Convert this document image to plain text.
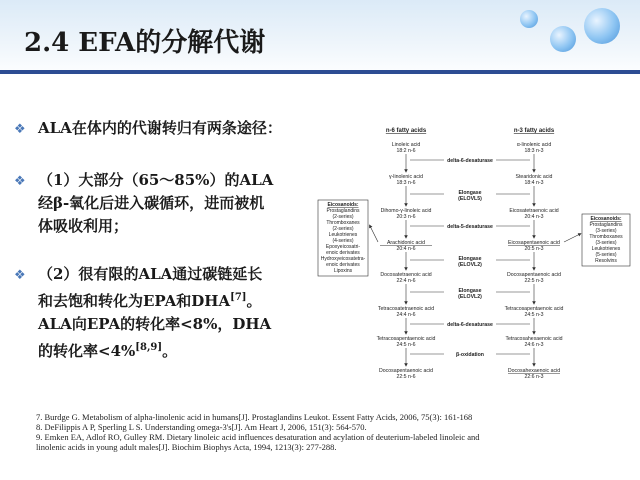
2.4 EFA的分解代谢
❖ ALA在体内的代谢转归有两条途径：
❖ （1）大部分（65～85%）的ALA
经β-氧化后进入碳循环，进而被机
体吸收利用；
❖ （2）很有限的ALA通过碳链延长
和去饱和转化为EPA和DHA[7]。
ALA向EPA的转化率<8%，DHA
的转化率<4%[8,9]。
n-6 fatty acids	n-3 fatty acids
Linoleic acid
18:2 n-6
γ-linolenic acid
18:3 n-6
Dihomo-γ-linoleic acid
20:3 n-6
Arachidonic acid
20:4 n-6
Docosatetraenoic acid
22:4 n-6
Tetracosatetraenoic acid
24:4 n-6
Tetracosapentaenoic acid
24:5 n-6
Docosapentaenoic acid
22:5 n-6
α-linolenic acid
18:3 n-3
Stearidonic acid
18:4 n-3
Eicosatetraenoic acid
20:4 n-3
Eicosapentaenoic acid
20:5 n-3
Docosapentaenoic acid
22:5 n-3
Tetracosapentaenoic acid
24:5 n-3
Tetracosahexaenoic acid
24:6 n-3
Docosahexaenoic acid
22:6 n-3
delta-6-desaturase
Elongase
(ELOVL5)
delta-5-desaturase
Elongase
(ELOVL2)
Elongase
(ELOVL2)
delta-6-desaturase
β-oxidation
Eicosanoids:
Prostaglandins
(2-series)
Thromboxanes
(2-series)
Leukotrienes
(4-series)
Epoxyeicosatri-
enoic derivates
Hydroxyeicosatetra-
enoic derivates
Lipoxins
Eicosanoids:
Prostaglandins
(3-series)
Thromboxanes
(3-series)
Leukotrienes
(5-series)
Resolvins
7. Burdge G. Metabolism of alpha-linolenic acid in humans[J]. Prostaglandins Leukot. Essent Fatty Acids, 2006, 75(3): 161-168
8. DeFilippis A P, Sperling L S. Understanding omega-3's[J]. Am Heart J, 2006, 151(3): 564-570.
9. Emken EA, Adlof RO, Gulley RM. Dietary linoleic acid influences desaturation and acylation of deuterium-labeled linoleic and
linolenic acids in young adult males[J]. Biochim Biophys Acta, 1994, 1213(3): 277-288.
